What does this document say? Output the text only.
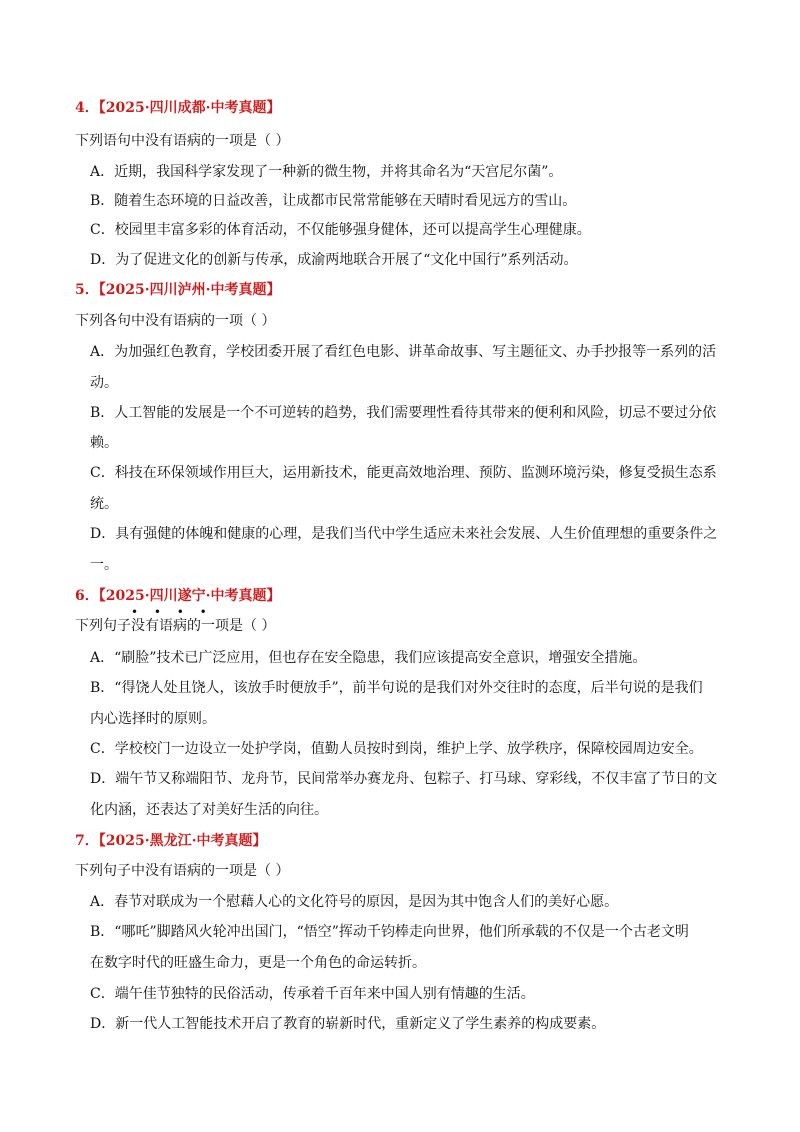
4．【2025·四川成都·中考真题】
下列语句中没有语病的一项是（ ）
A．近期，我国科学家发现了一种新的微生物，并将其命名为“天宫尼尔菌”。
B．随着生态环境的日益改善，让成都市民常常能够在天晴时看见远方的雪山。
C．校园里丰富多彩的体育活动，不仅能够强身健体，还可以提高学生心理健康。
D．为了促进文化的创新与传承，成渝两地联合开展了“文化中国行”系列活动。
5．【2025·四川泸州·中考真题】
下列各句中没有语病的一项（ ）
A．为加强红色教育，学校团委开展了看红色电影、讲革命故事、写主题征文、办手抄报等一系列的活
动。
B．人工智能的发展是一个不可逆转的趋势，我们需要理性看待其带来的便利和风险，切忌不要过分依
赖。
C．科技在环保领域作用巨大，运用新技术，能更高效地治理、预防、监测环境污染，修复受损生态系
统。
D．具有强健的体魄和健康的心理，是我们当代中学生适应未来社会发展、人生价值理想的重要条件之
一。
6．【2025·四川遂宁·中考真题】
下列句子
• • • •
没有语病的一项是（ ）
A．“刷脸”技术已广泛应用，但也存在安全隐患，我们应该提高安全意识，增强安全措施。
B．“得饶人处且饶人，该放手时便放手”，前半句说的是我们对外交往时的态度，后半句说的是我们
内心选择时的原则。
C．学校校门一边设立一处护学岗，值勤人员按时到岗，维护上学、放学秩序，保障校园周边安全。
D．端午节又称端阳节、龙舟节，民间常举办赛龙舟、包粽子、打马球、穿彩线，不仅丰富了节日的文
化内涵，还表达了对美好生活的向往。
7．【2025·黑龙江·中考真题】
下列句子中没有语病的一项是（ ）
A．春节对联成为一个慰藉人心的文化符号的原因，是因为其中饱含人们的美好心愿。
B．“哪吒”脚踏风火轮冲出国门，“悟空”挥动千钧棒走向世界，他们所承载的不仅是一个古老文明
在数字时代的旺盛生命力，更是一个角色的命运转折。
C．端午佳节独特的民俗活动，传承着千百年来中国人别有情趣的生活。
D．新一代人工智能技术开启了教育的崭新时代，重新定义了学生素养的构成要素。
